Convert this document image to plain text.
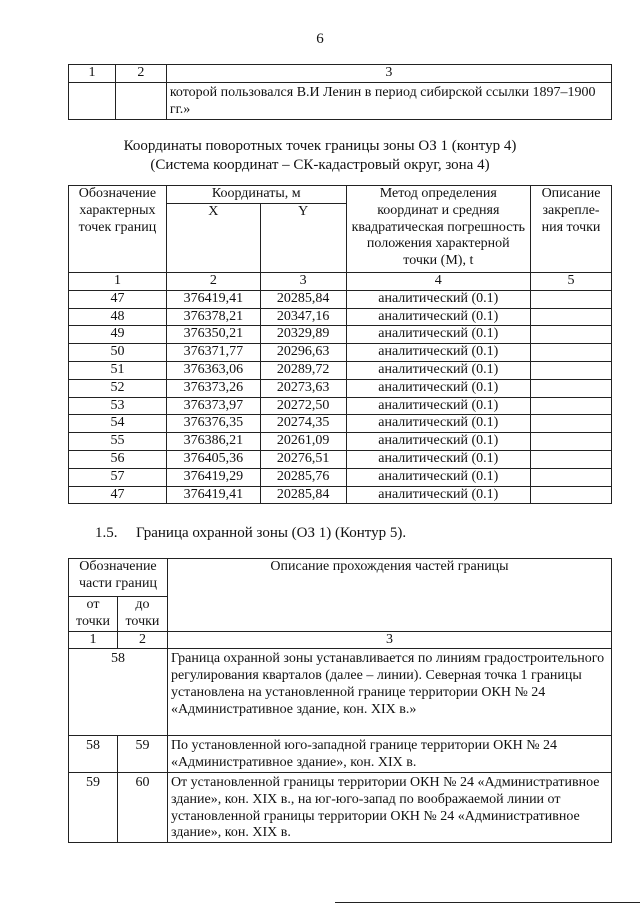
6
1	2	3
		которой пользовался В.И Ленин в период сибирской ссылки 1897–1900 гг.»
Координаты поворотных точек границы зоны ОЗ 1 (контур 4)
(Система координат – СК-кадастровый округ, зона 4)
Обозначение характерных точек границ	Координаты, м		Метод определения координат и средняя квадратическая погрешность положения характерной точки (М), t	Описание закрепле-ния точки
	X	Y		
1	2	3	4	5
47	376419,41	20285,84	аналитический (0.1)	
48	376378,21	20347,16	аналитический (0.1)	
49	376350,21	20329,89	аналитический (0.1)	
50	376371,77	20296,63	аналитический (0.1)	
51	376363,06	20289,72	аналитический (0.1)	
52	376373,26	20273,63	аналитический (0.1)	
53	376373,97	20272,50	аналитический (0.1)	
54	376376,35	20274,35	аналитический (0.1)	
55	376386,21	20261,09	аналитический (0.1)	
56	376405,36	20276,51	аналитический (0.1)	
57	376419,29	20285,76	аналитический (0.1)	
47	376419,41	20285,84	аналитический (0.1)	
1.5. Граница охранной зоны (ОЗ 1) (Контур 5).
Обозначение части границ		Описание прохождения частей границы
от точки	до точки	
1	2	3
58		Граница охранной зоны устанавливается по линиям градостроительного регулирования кварталов (далее – линии). Северная точка 1 границы установлена на установленной границе территории ОКН № 24 «Административное здание, кон. XIX в.»
58	59	По установленной юго-западной границе территории ОКН № 24 «Административное здание», кон. XIX в.
59	60	От установленной границы территории ОКН № 24 «Административное здание», кон. XIX в., на юг-юго-запад по воображаемой линии от установленной границы территории ОКН № 24 «Административное здание», кон. XIX в.
